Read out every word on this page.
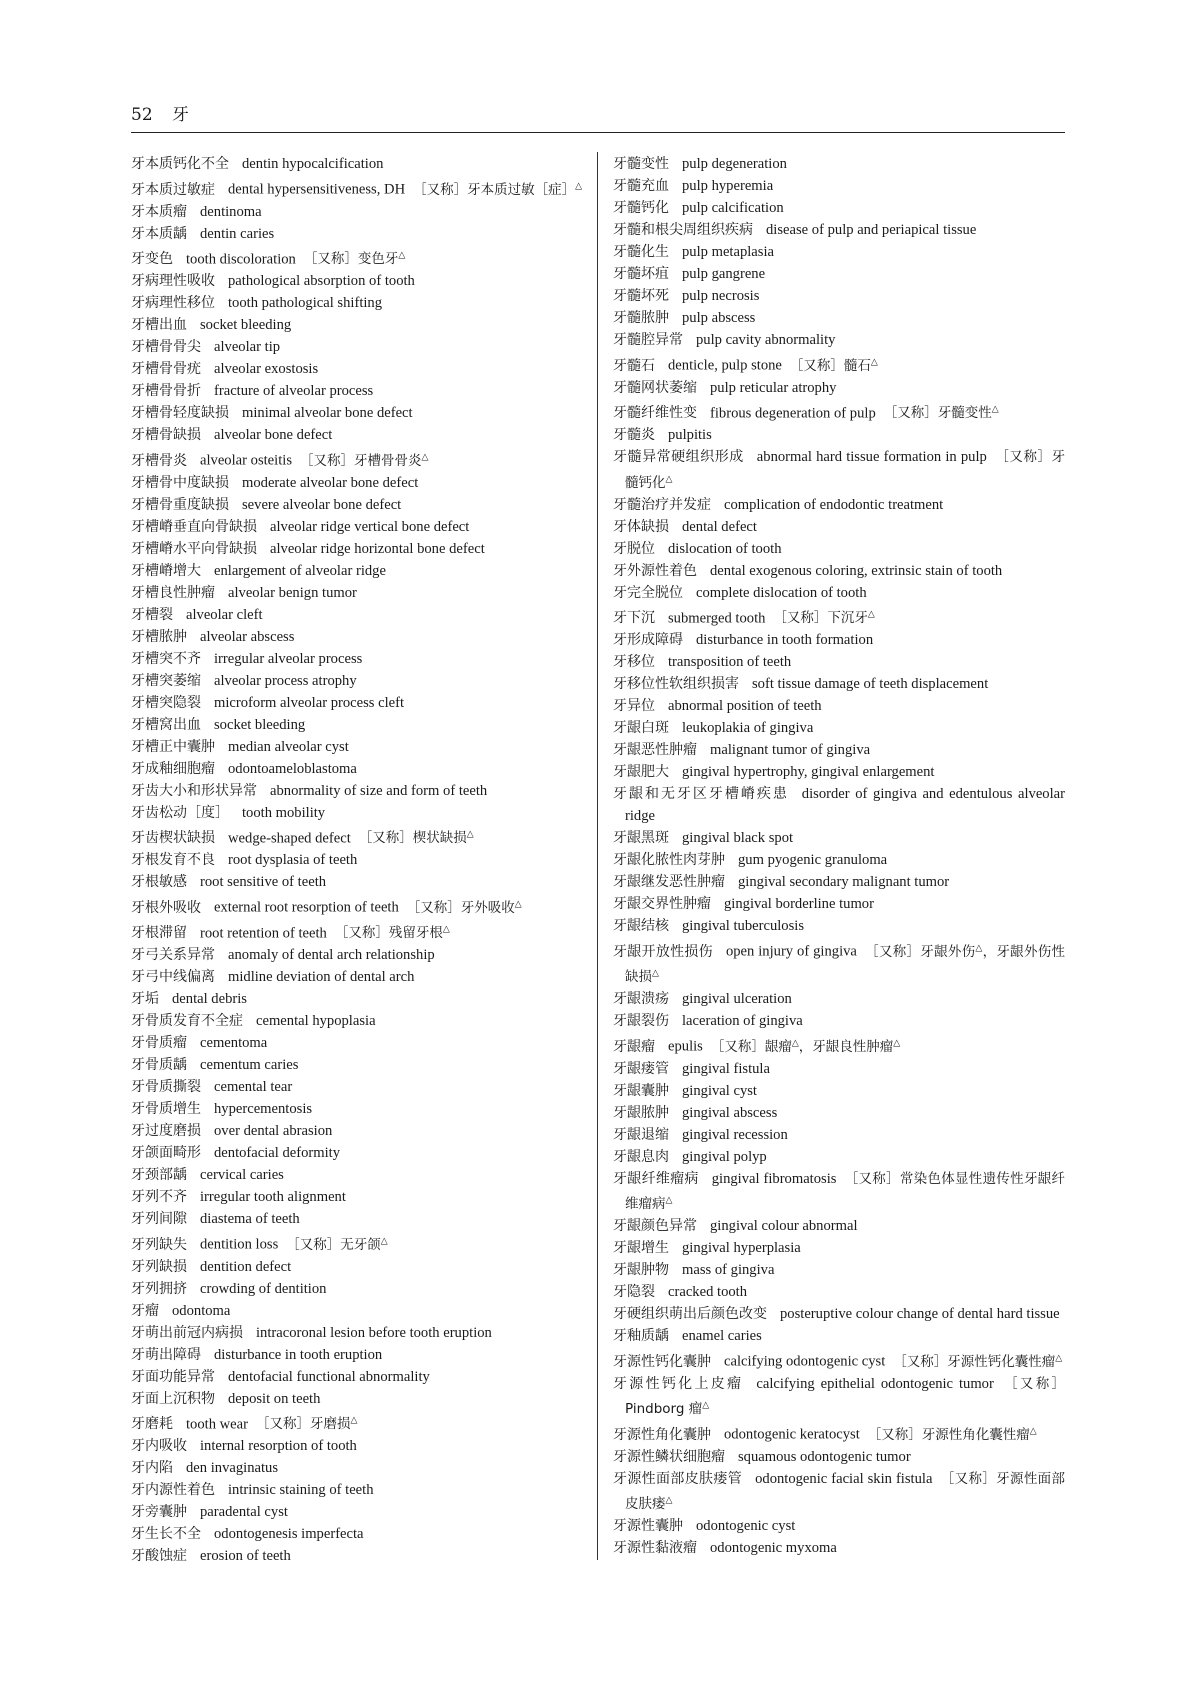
52 牙

牙本质钙化不全 dentin hypocalcification

牙本质过敏症 dental hypersensitiveness, DH ［又称］牙本质过敏［症］△

牙本质瘤 dentinoma

牙本质龋 dentin caries

牙变色 tooth discoloration ［又称］变色牙△

牙病理性吸收 pathological absorption of tooth

牙病理性移位 tooth pathological shifting

牙槽出血 socket bleeding

牙槽骨骨尖 alveolar tip

牙槽骨骨疣 alveolar exostosis

牙槽骨骨折 fracture of alveolar process

牙槽骨轻度缺损 minimal alveolar bone defect

牙槽骨缺损 alveolar bone defect

牙槽骨炎 alveolar osteitis ［又称］牙槽骨骨炎△

牙槽骨中度缺损 moderate alveolar bone defect

牙槽骨重度缺损 severe alveolar bone defect

牙槽嵴垂直向骨缺损 alveolar ridge vertical bone defect

牙槽嵴水平向骨缺损 alveolar ridge horizontal bone defect

牙槽嵴增大 enlargement of alveolar ridge

牙槽良性肿瘤 alveolar benign tumor

牙槽裂 alveolar cleft

牙槽脓肿 alveolar abscess

牙槽突不齐 irregular alveolar process

牙槽突萎缩 alveolar process atrophy

牙槽突隐裂 microform alveolar process cleft

牙槽窝出血 socket bleeding

牙槽正中囊肿 median alveolar cyst

牙成釉细胞瘤 odontoameloblastoma

牙齿大小和形状异常 abnormality of size and form of teeth

牙齿松动［度］ tooth mobility

牙齿楔状缺损 wedge-shaped defect ［又称］楔状缺损△

牙根发育不良 root dysplasia of teeth

牙根敏感 root sensitive of teeth

牙根外吸收 external root resorption of teeth ［又称］牙外吸收△

牙根滞留 root retention of teeth ［又称］残留牙根△

牙弓关系异常 anomaly of dental arch relationship

牙弓中线偏离 midline deviation of dental arch

牙垢 dental debris

牙骨质发育不全症 cemental hypoplasia

牙骨质瘤 cementoma

牙骨质龋 cementum caries

牙骨质撕裂 cemental tear

牙骨质增生 hypercementosis

牙过度磨损 over dental abrasion

牙颌面畸形 dentofacial deformity

牙颈部龋 cervical caries

牙列不齐 irregular tooth alignment

牙列间隙 diastema of teeth

牙列缺失 dentition loss ［又称］无牙颌△

牙列缺损 dentition defect

牙列拥挤 crowding of dentition

牙瘤 odontoma

牙萌出前冠内病损 intracoronal lesion before tooth eruption

牙萌出障碍 disturbance in tooth eruption

牙面功能异常 dentofacial functional abnormality

牙面上沉积物 deposit on teeth

牙磨耗 tooth wear ［又称］牙磨损△

牙内吸收 internal resorption of tooth

牙内陷 den invaginatus

牙内源性着色 intrinsic staining of teeth

牙旁囊肿 paradental cyst

牙生长不全 odontogenesis imperfecta

牙酸蚀症 erosion of teeth

牙髓变性 pulp degeneration

牙髓充血 pulp hyperemia

牙髓钙化 pulp calcification

牙髓和根尖周组织疾病 disease of pulp and periapical tissue

牙髓化生 pulp metaplasia

牙髓坏疽 pulp gangrene

牙髓坏死 pulp necrosis

牙髓脓肿 pulp abscess

牙髓腔异常 pulp cavity abnormality

牙髓石 denticle, pulp stone ［又称］髓石△

牙髓网状萎缩 pulp reticular atrophy

牙髓纤维性变 fibrous degeneration of pulp ［又称］牙髓变性△

牙髓炎 pulpitis

牙髓异常硬组织形成 abnormal hard tissue formation in pulp ［又称］牙髓钙化△

牙髓治疗并发症 complication of endodontic treatment

牙体缺损 dental defect

牙脱位 dislocation of tooth

牙外源性着色 dental exogenous coloring, extrinsic stain of tooth

牙完全脱位 complete dislocation of tooth

牙下沉 submerged tooth ［又称］下沉牙△

牙形成障碍 disturbance in tooth formation

牙移位 transposition of teeth

牙移位性软组织损害 soft tissue damage of teeth displacement

牙异位 abnormal position of teeth

牙龈白斑 leukoplakia of gingiva

牙龈恶性肿瘤 malignant tumor of gingiva

牙龈肥大 gingival hypertrophy, gingival enlargement

牙龈和无牙区牙槽嵴疾患 disorder of gingiva and edentulous alveolar ridge

牙龈黑斑 gingival black spot

牙龈化脓性肉芽肿 gum pyogenic granuloma

牙龈继发恶性肿瘤 gingival secondary malignant tumor

牙龈交界性肿瘤 gingival borderline tumor

牙龈结核 gingival tuberculosis

牙龈开放性损伤 open injury of gingiva ［又称］牙龈外伤△，牙龈外伤性缺损△

牙龈溃疡 gingival ulceration

牙龈裂伤 laceration of gingiva

牙龈瘤 epulis ［又称］龈瘤△，牙龈良性肿瘤△

牙龈瘘管 gingival fistula

牙龈囊肿 gingival cyst

牙龈脓肿 gingival abscess

牙龈退缩 gingival recession

牙龈息肉 gingival polyp

牙龈纤维瘤病 gingival fibromatosis ［又称］常染色体显性遗传性牙龈纤维瘤病△

牙龈颜色异常 gingival colour abnormal

牙龈增生 gingival hyperplasia

牙龈肿物 mass of gingiva

牙隐裂 cracked tooth

牙硬组织萌出后颜色改变 posteruptive colour change of dental hard tissue

牙釉质龋 enamel caries

牙源性钙化囊肿 calcifying odontogenic cyst ［又称］牙源性钙化囊性瘤△

牙源性钙化上皮瘤 calcifying epithelial odontogenic tumor ［又称］Pindborg 瘤△

牙源性角化囊肿 odontogenic keratocyst ［又称］牙源性角化囊性瘤△

牙源性鳞状细胞瘤 squamous odontogenic tumor

牙源性面部皮肤瘘管 odontogenic facial skin fistula ［又称］牙源性面部皮肤瘘△

牙源性囊肿 odontogenic cyst

牙源性黏液瘤 odontogenic myxoma
